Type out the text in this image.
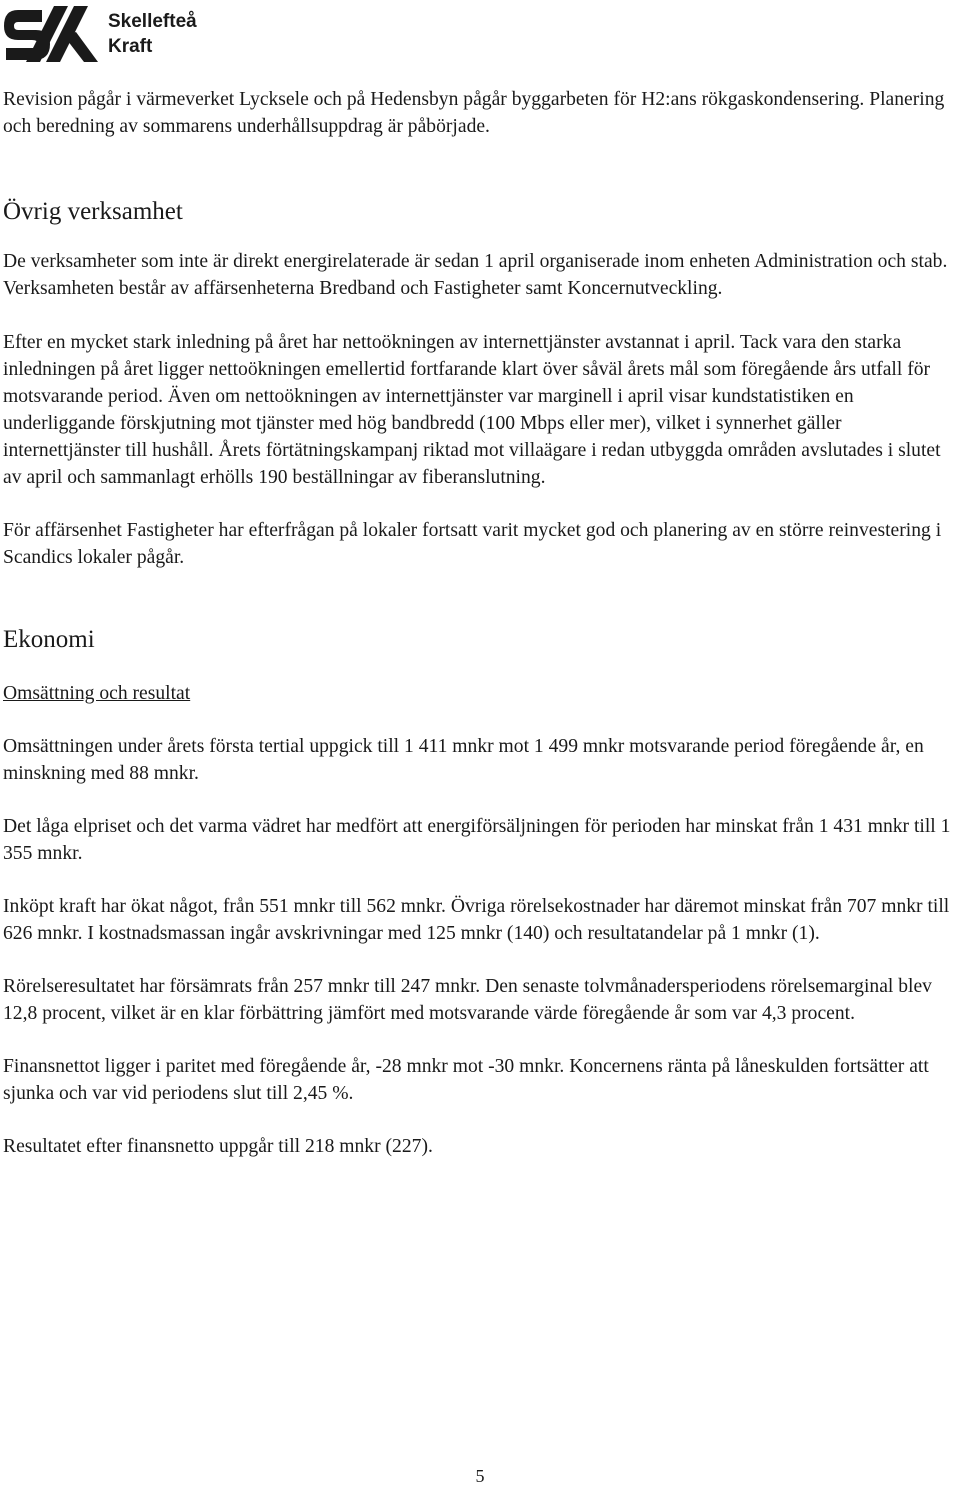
Skellefteå
Kraft

Revision pågår i värmeverket Lycksele och på Hedensbyn pågår byggarbeten för H2:ans rökgaskondensering. Planering och beredning av sommarens underhållsuppdrag är påbörjade.

Övrig verksamhet

De verksamheter som inte är direkt energirelaterade är sedan 1 april organiserade inom enheten Administration och stab. Verksamheten består av affärsenheterna Bredband och Fastigheter samt Koncernutveckling.

Efter en mycket stark inledning på året har nettoökningen av internettjänster avstannat i april. Tack vara den starka inledningen på året ligger nettoökningen emellertid fortfarande klart över såväl årets mål som föregående års utfall för motsvarande period. Även om nettoökningen av internettjänster var marginell i april visar kundstatistiken en underliggande förskjutning mot tjänster med hög bandbredd (100 Mbps eller mer), vilket i synnerhet gäller internettjänster till hushåll. Årets förtätningskampanj riktad mot villaägare i redan utbyggda områden avslutades i slutet av april och sammanlagt erhölls 190 beställningar av fiberanslutning.

För affärsenhet Fastigheter har efterfrågan på lokaler fortsatt varit mycket god och planering av en större reinvestering i Scandics lokaler pågår.

Ekonomi

Omsättning och resultat

Omsättningen under årets första tertial uppgick till 1 411 mnkr mot 1 499 mnkr motsvarande period föregående år, en minskning med 88 mnkr.

Det låga elpriset och det varma vädret har medfört att energiförsäljningen för perioden har minskat från 1 431 mnkr till 1 355 mnkr.

Inköpt kraft har ökat något, från 551 mnkr till 562 mnkr. Övriga rörelsekostnader har däremot minskat från 707 mnkr till 626 mnkr. I kostnadsmassan ingår avskrivningar med 125 mnkr (140) och resultatandelar på 1 mnkr (1).

Rörelseresultatet har försämrats från 257 mnkr till 247 mnkr. Den senaste tolvmånadersperiodens rörelsemarginal blev 12,8 procent, vilket är en klar förbättring jämfört med motsvarande värde föregående år som var 4,3 procent.

Finansnettot ligger i paritet med föregående år, -28 mnkr mot -30 mnkr. Koncernens ränta på låneskulden fortsätter att sjunka och var vid periodens slut till 2,45 %.

Resultatet efter finansnetto uppgår till 218 mnkr (227).

5
